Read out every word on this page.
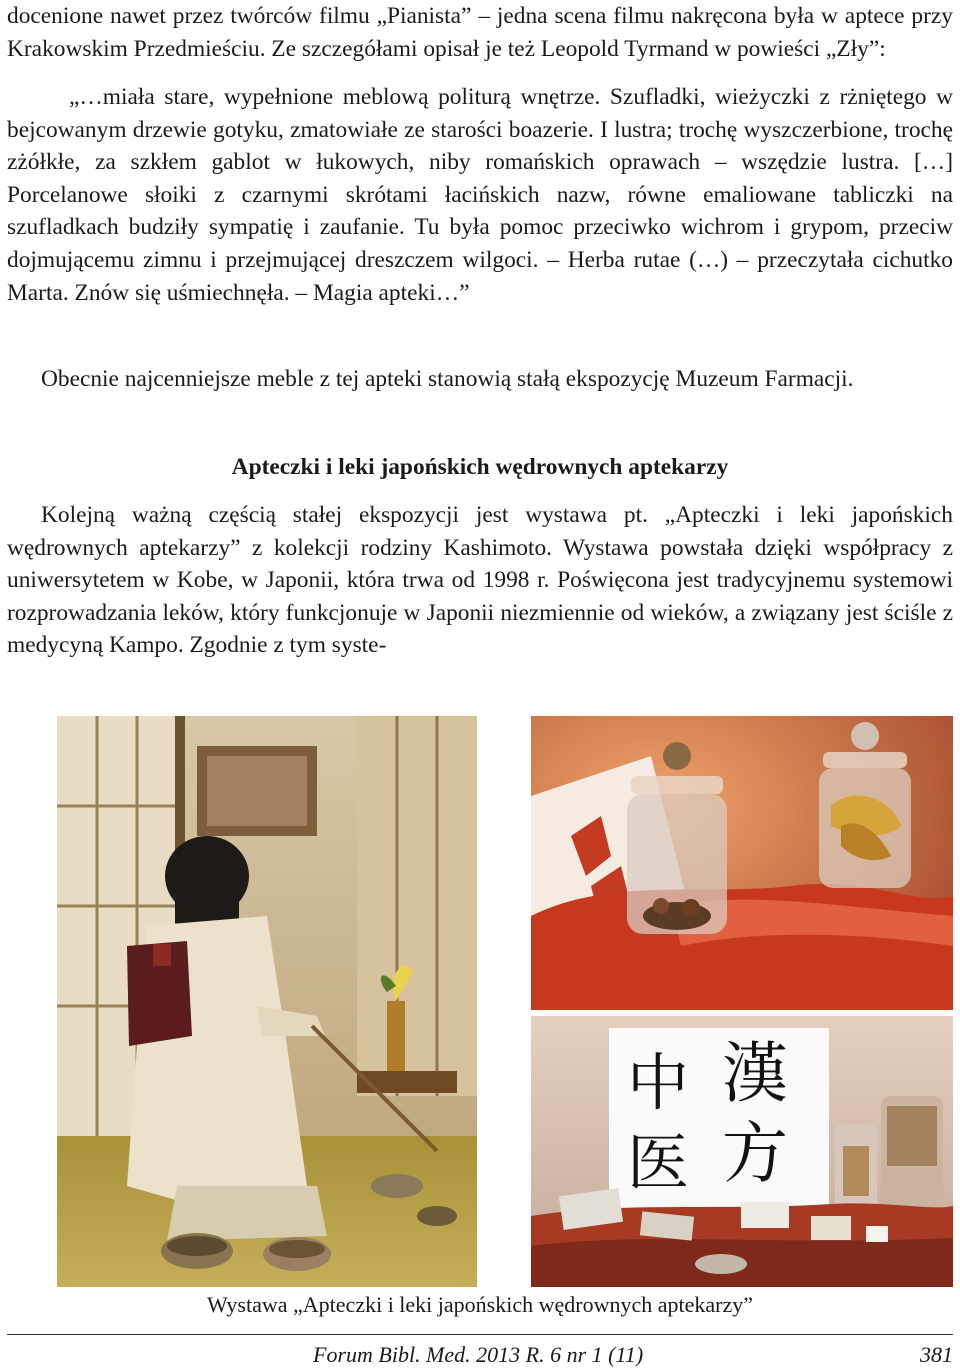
docenione nawet przez twórców filmu „Pianista” – jedna scena filmu nakręcona była w aptece przy Krakowskim Przedmieściu. Ze szczegółami opisał je też Leopold Tyrmand w powieści „Zły”:

„…miała stare, wypełnione meblową politurą wnętrze. Szufladki, wieżyczki z rżniętego w bejcowanym drzewie gotyku, zmatowiałe ze starości boazerie. I lustra; trochę wyszczerbione, trochę zżółkłe, za szkłem gablot w łukowych, niby romańskich oprawach – wszędzie lustra. […] Porcelanowe słoiki z czarnymi skrótami łacińskich nazw, równe emaliowane tabliczki na szufladkach budziły sympatię i zaufanie. Tu była pomoc przeciwko wichrom i grypom, przeciw dojmującemu zimnu i przejmującej dreszczem wilgoci. – Herba rutae (…) – przeczytała cichutko Marta. Znów się uśmiechnęła. – Magia apteki…”

Obecnie najcenniejsze meble z tej apteki stanowią stałą ekspozycję Muzeum Farmacji.

Apteczki i leki japońskich wędrownych aptekarzy

Kolejną ważną częścią stałej ekspozycji jest wystawa pt. „Apteczki i leki japońskich wędrownych aptekarzy” z kolekcji rodziny Kashimoto. Wystawa powstała dzięki współpracy z uniwersytetem w Kobe, w Japonii, która trwa od 1998 r. Poświęcona jest tradycyjnemu systemowi rozprowadzania leków, który funkcjonuje w Japonii niezmiennie od wieków, a związany jest ściśle z medycyną Kampo. Zgodnie z tym syste-

中
医
漢
方

Wystawa „Apteczki i leki japońskich wędrownych aptekarzy”

Forum Bibl. Med. 2013 R. 6 nr 1 (11)	381
